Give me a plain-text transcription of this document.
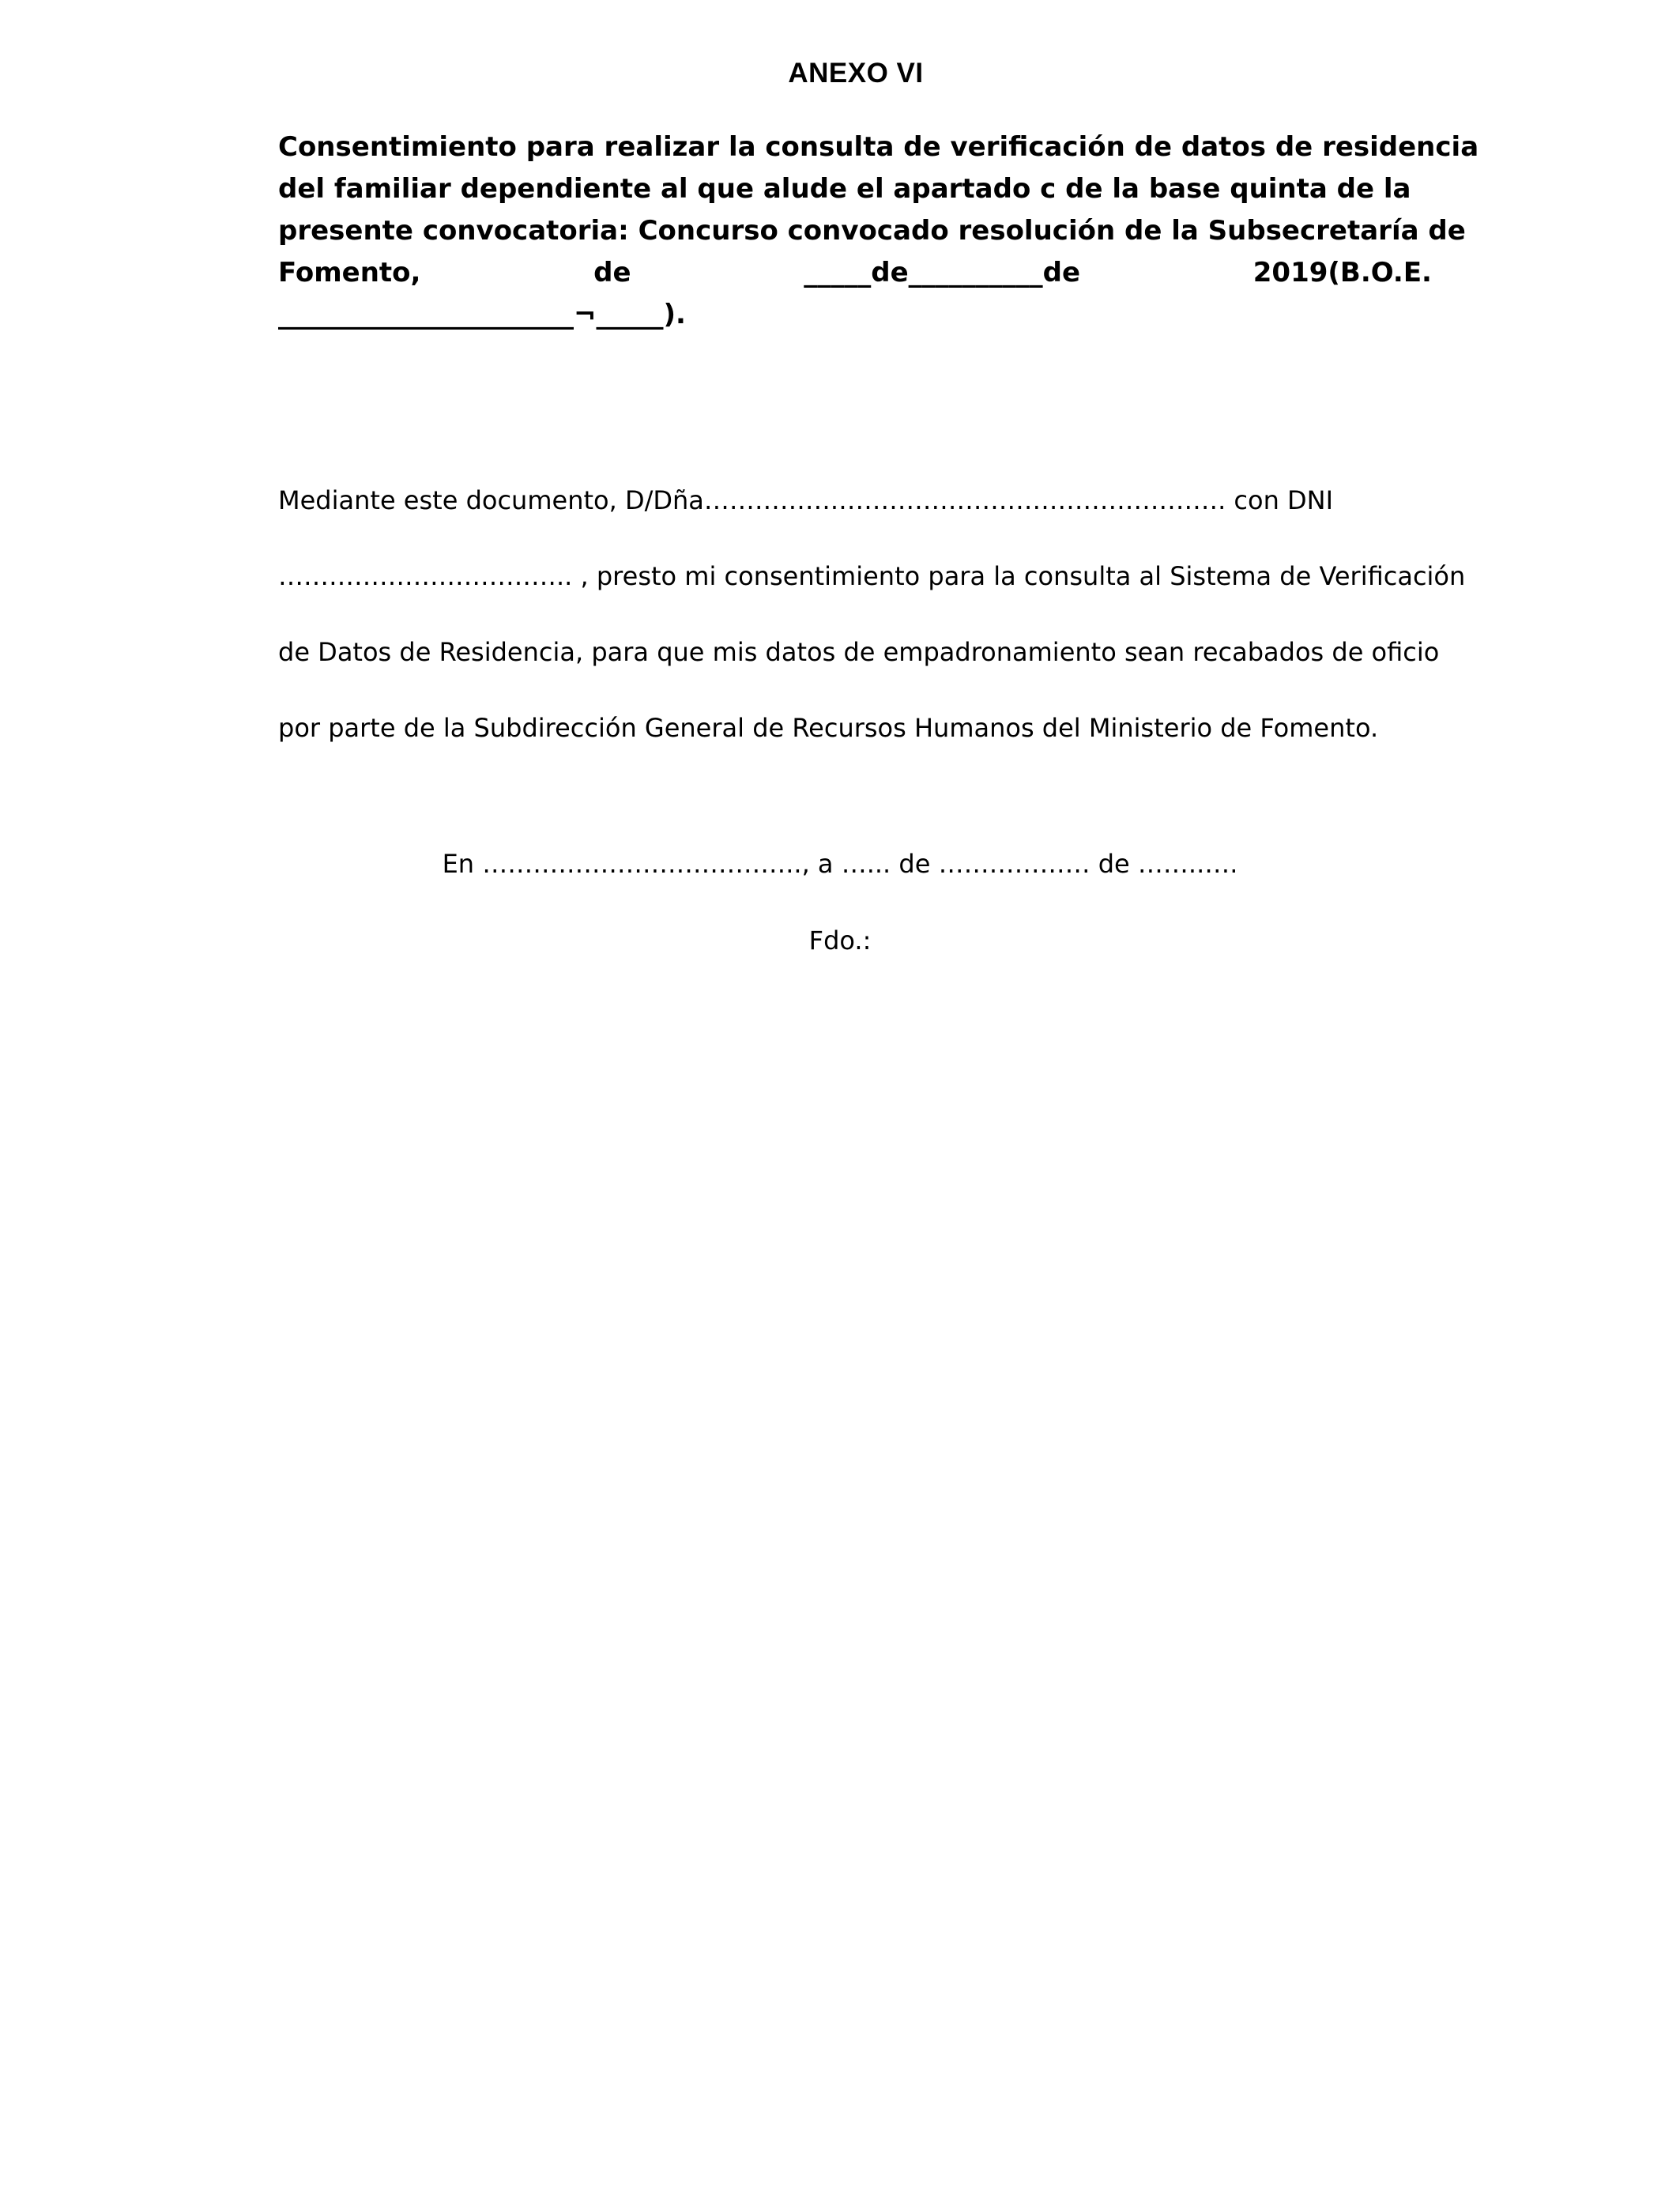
ANEXO VI
Consentimiento para realizar la consulta de verificación de datos de residencia
del familiar dependiente al que alude el apartado c de la base quinta de la
presente convocatoria: Concurso convocado resolución de la Subsecretaría de
Fomento,	de	_____de__________de	2019(B.O.E.
______________________¬_____).
Mediante este documento, D/Dña…………….………………………………………. con DNI
…………………………….. , presto mi consentimiento para la consulta al Sistema de Verificación
de Datos de Residencia, para que mis datos de empadronamiento sean recabados de oficio
por parte de la Subdirección General de Recursos Humanos del Ministerio de Fomento.
En ……………………………….., a …... de ……………… de ……..….
Fdo.:
